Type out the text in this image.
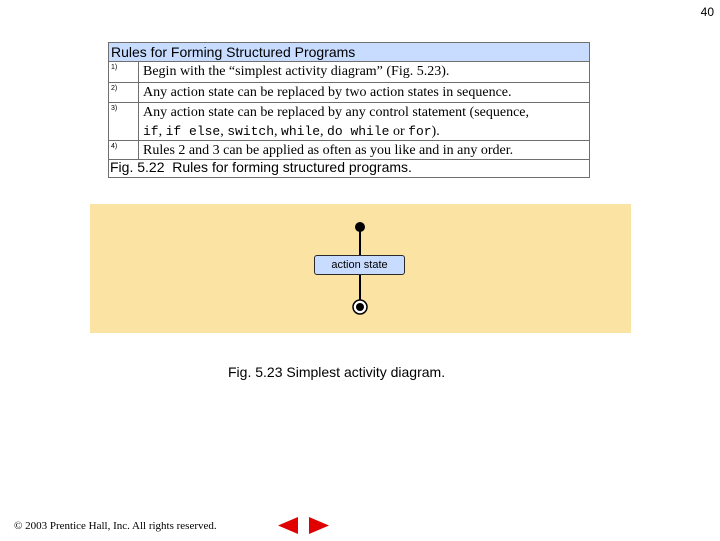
40
Rules for Forming Structured Programs
1)	Begin with the “simplest activity diagram” (Fig. 5.23).
2)	Any action state can be replaced by two action states in sequence.
3)	Any action state can be replaced by any control statement (sequence,
if, if else, switch, while, do while or for).
4)	Rules 2 and 3 can be applied as often as you like and in any order.
Fig. 5.22 Rules for forming structured programs.
action state
Fig. 5.23 Simplest activity diagram.
© 2003 Prentice Hall, Inc. All rights reserved.
